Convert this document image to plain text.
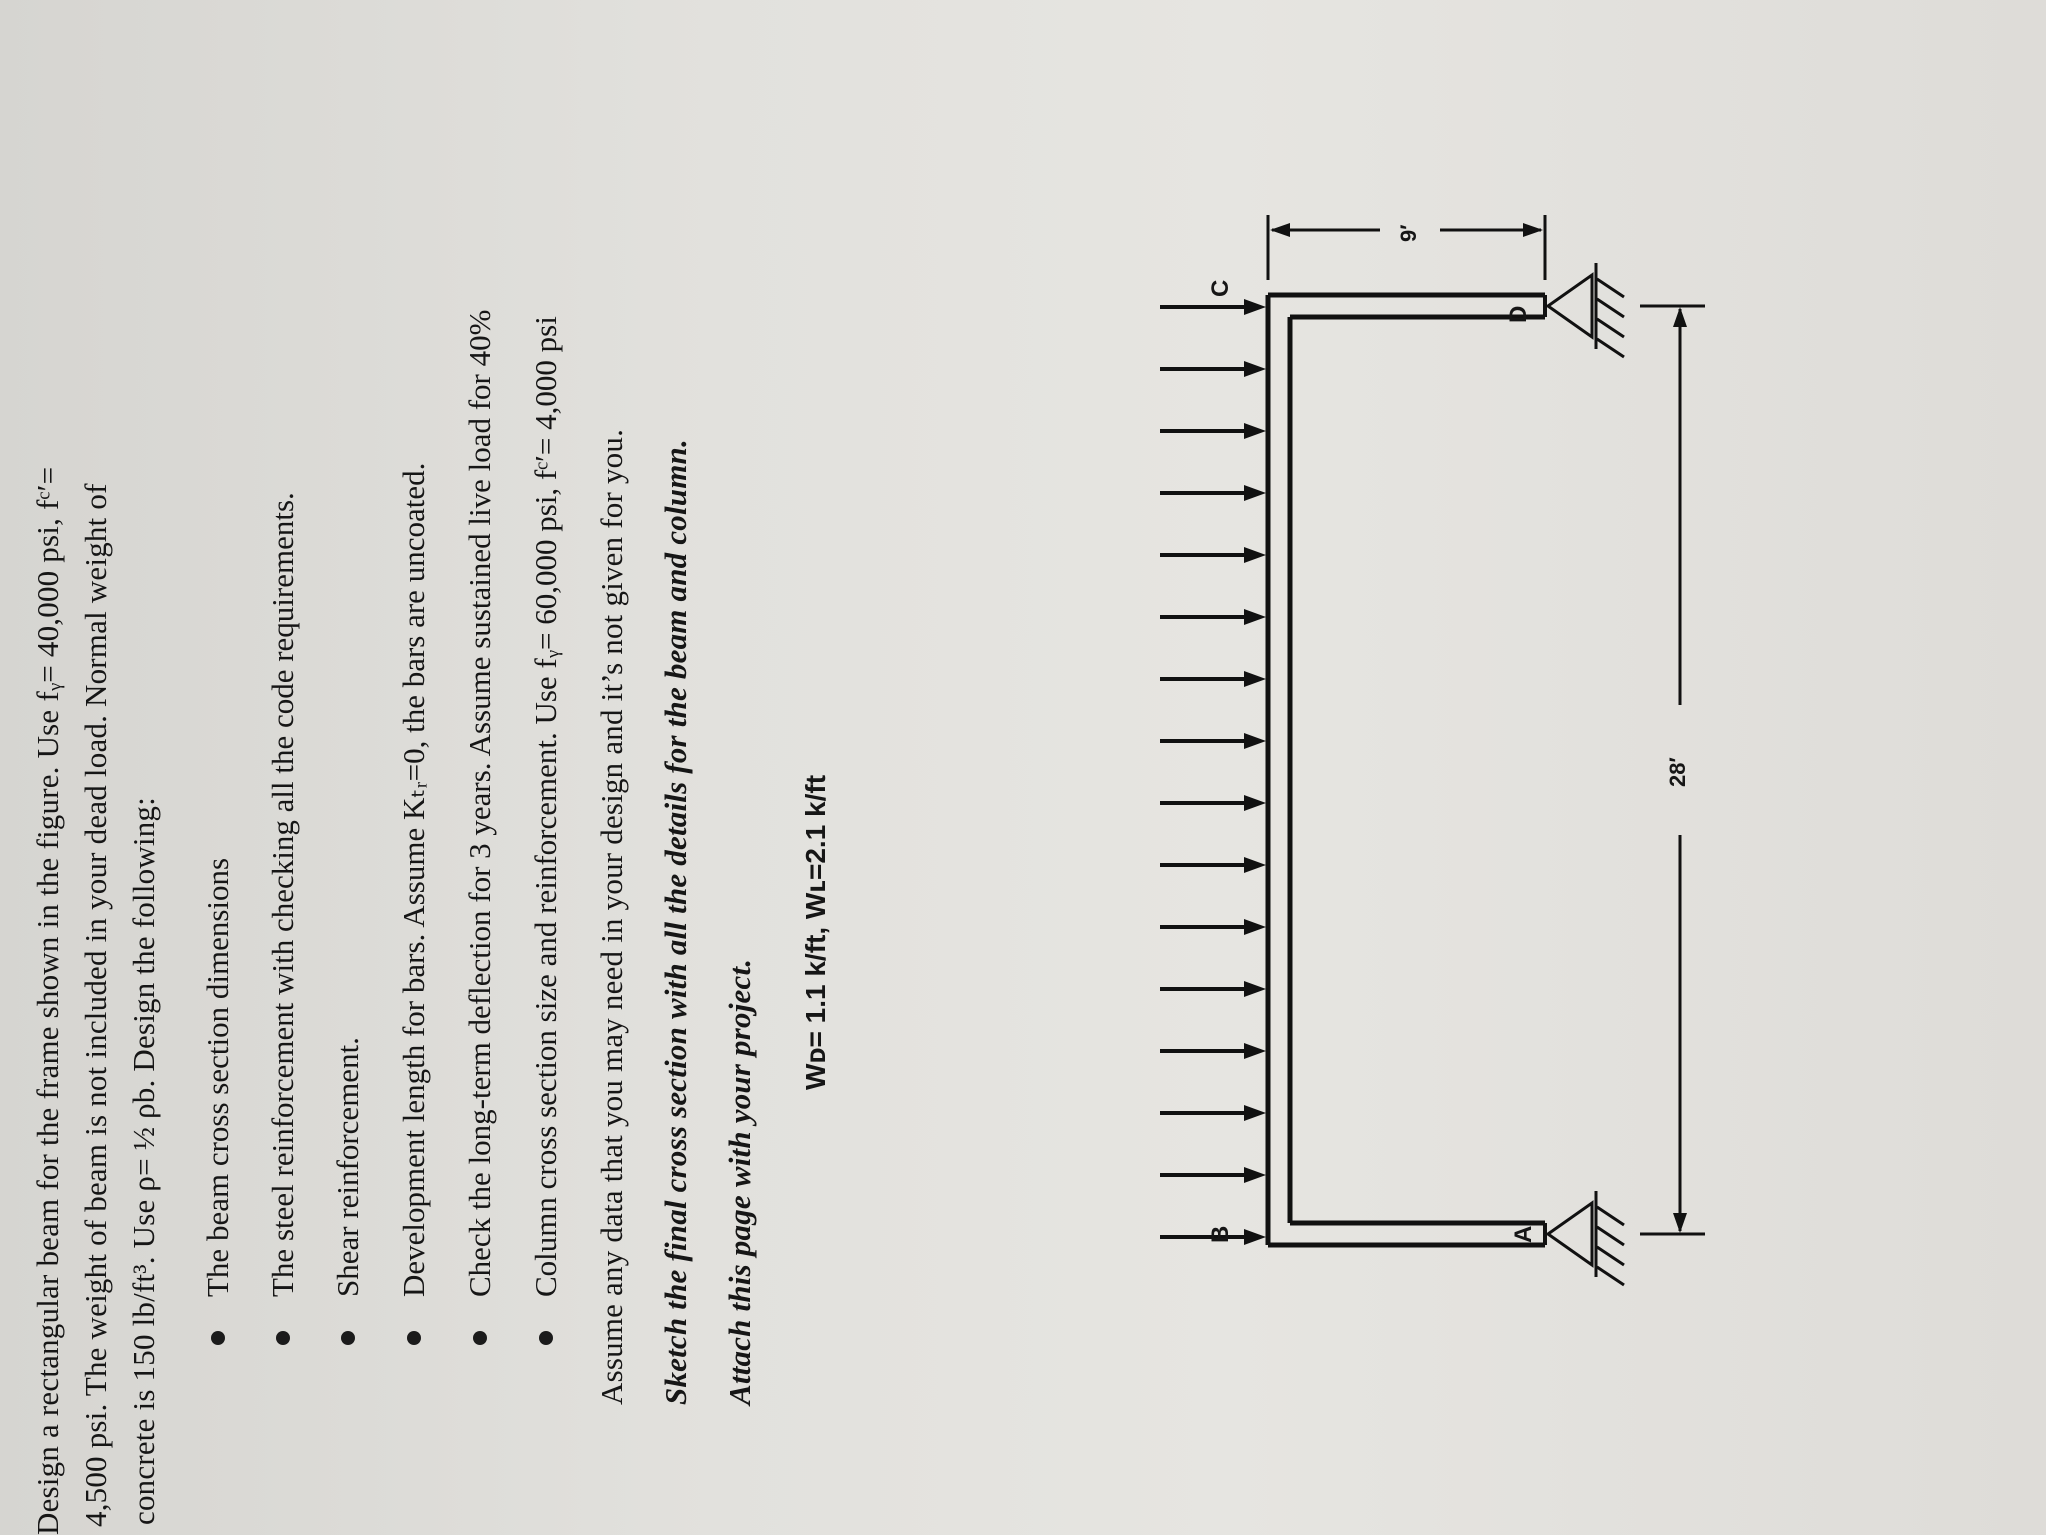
Design a rectangular beam for the frame shown in the figure. Use fᵧ= 40,000 psi, fᶜ′= 4,500 psi. The weight of beam is not included in your dead load. Normal weight of concrete is 150 lb/ft³. Use ρ= ½ ρb. Design the following: The beam cross section dimensions The steel reinforcement with checking all the code requirements. Shear reinforcement. Development length for bars. Assume Kₜᵣ=0, the bars are uncoated. Check the long-term deflection for 3 years. Assume sustained live load for 40% Column cross section size and reinforcement. Use fᵧ= 60,000 psi, fᶜ′= 4,000 psi Assume any data that you may need in your design and it’s not given for you. Sketch the final cross section with all the details for the beam and column. Attach this page with your project.
Wᴅ= 1.1 k/ft, Wʟ=2.1 k/ft
B	A
C
D
28′
9′
